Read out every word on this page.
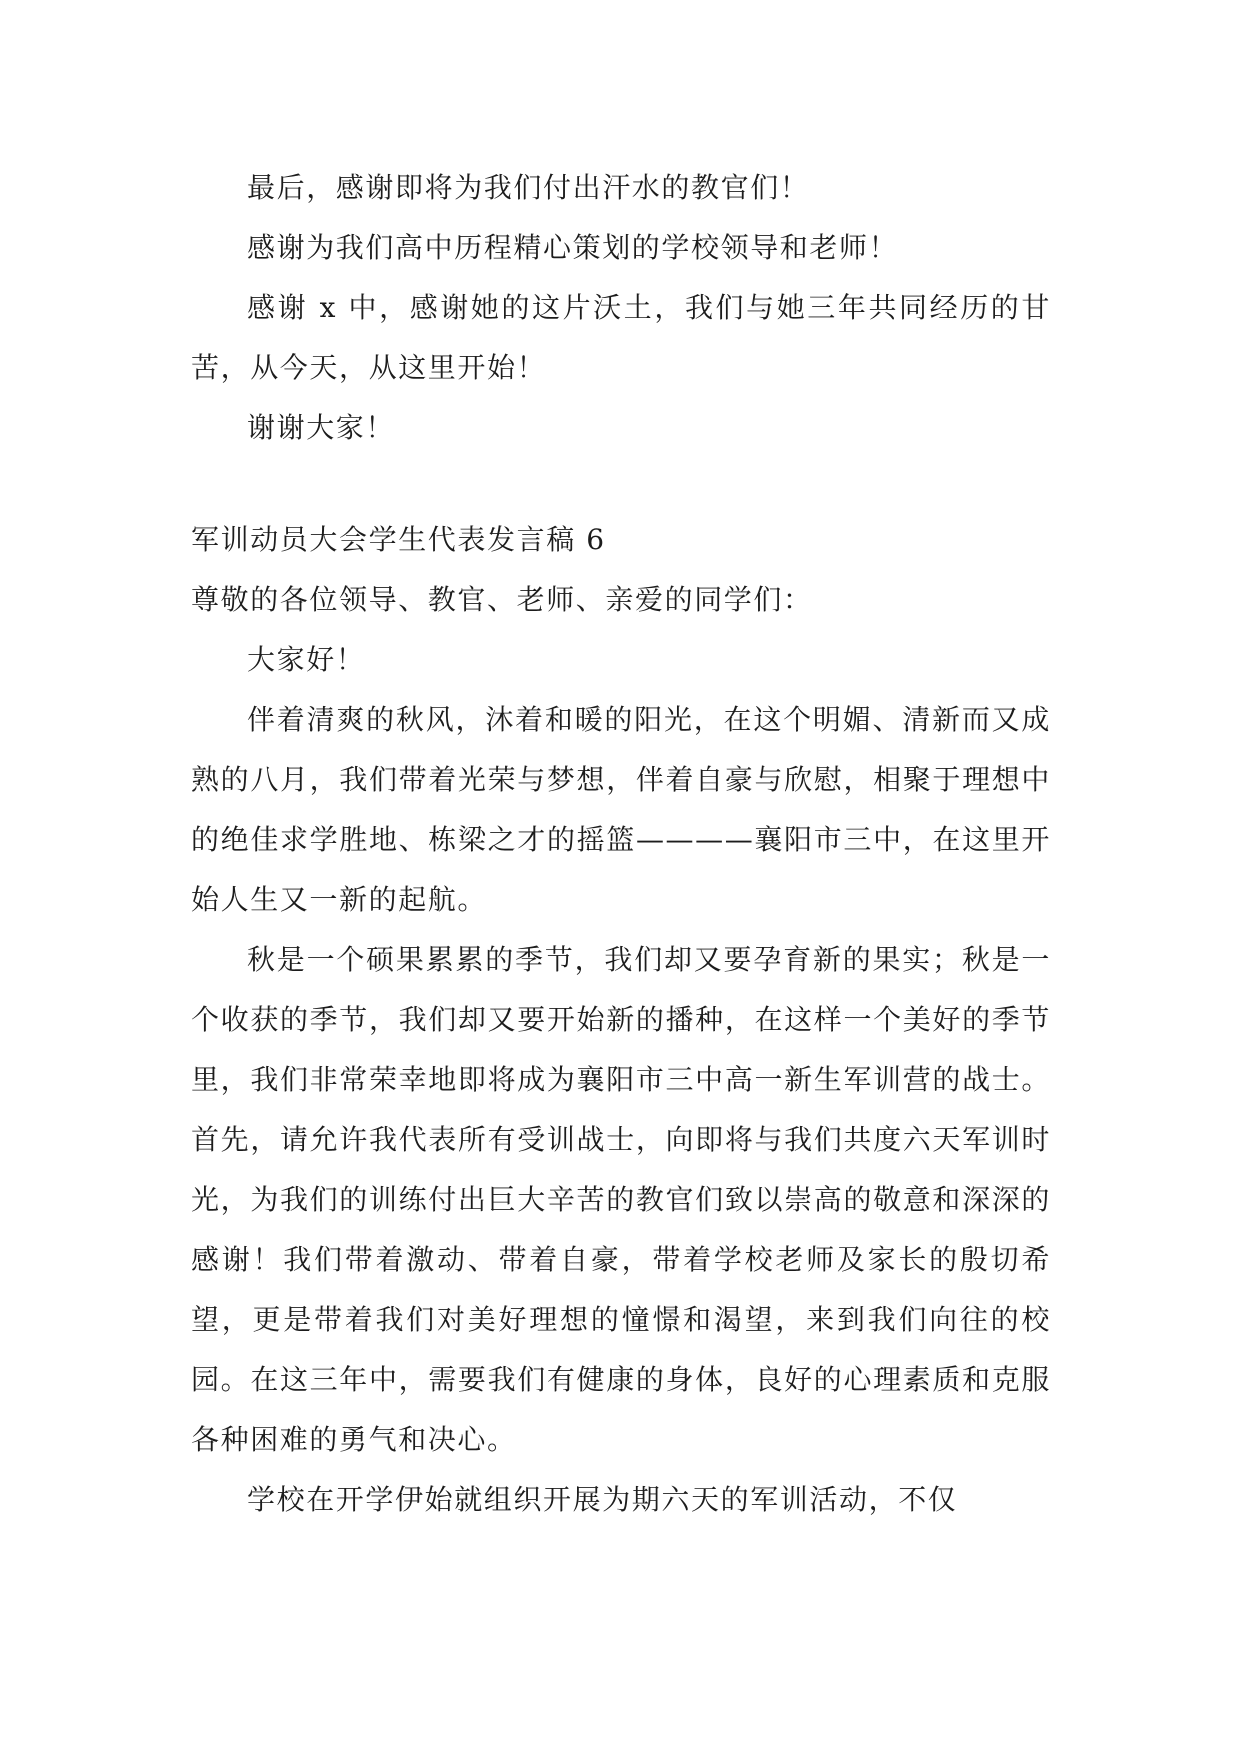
最后，感谢即将为我们付出汗水的教官们！

感谢为我们高中历程精心策划的学校领导和老师！

感谢 x 中，感谢她的这片沃土，我们与她三年共同经历的甘苦，从今天，从这里开始！

谢谢大家！

军训动员大会学生代表发言稿 6

尊敬的各位领导、教官、老师、亲爱的同学们：

大家好！

伴着清爽的秋风，沐着和暖的阳光，在这个明媚、清新而又成熟的八月，我们带着光荣与梦想，伴着自豪与欣慰，相聚于理想中的绝佳求学胜地、栋梁之才的摇篮————襄阳市三中，在这里开始人生又一新的起航。

秋是一个硕果累累的季节，我们却又要孕育新的果实；秋是一个收获的季节，我们却又要开始新的播种，在这样一个美好的季节里，我们非常荣幸地即将成为襄阳市三中高一新生军训营的战士。首先，请允许我代表所有受训战士，向即将与我们共度六天军训时光，为我们的训练付出巨大辛苦的教官们致以崇高的敬意和深深的感谢！我们带着激动、带着自豪，带着学校老师及家长的殷切希望，更是带着我们对美好理想的憧憬和渴望，来到我们向往的校园。在这三年中，需要我们有健康的身体，良好的心理素质和克服各种困难的勇气和决心。

学校在开学伊始就组织开展为期六天的军训活动，不仅
